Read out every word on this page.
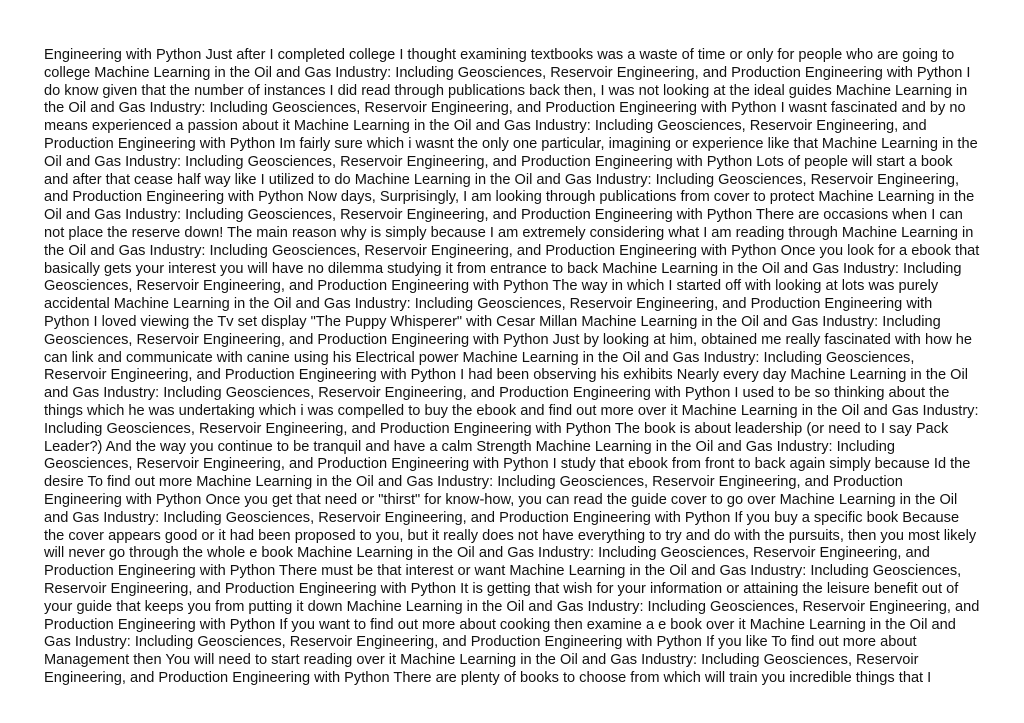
Engineering with Python Just after I completed college I thought examining textbooks was a waste of time or only for people who are going to
college Machine Learning in the Oil and Gas Industry: Including Geosciences, Reservoir Engineering, and Production Engineering with Python I
do know given that the number of instances I did read through publications back then, I was not looking at the ideal guides Machine Learning in
the Oil and Gas Industry: Including Geosciences, Reservoir Engineering, and Production Engineering with Python I wasnt fascinated and by no
means experienced a passion about it Machine Learning in the Oil and Gas Industry: Including Geosciences, Reservoir Engineering, and
Production Engineering with Python Im fairly sure which i wasnt the only one particular, imagining or experience like that Machine Learning in the
Oil and Gas Industry: Including Geosciences, Reservoir Engineering, and Production Engineering with Python Lots of people will start a book
and after that cease half way like I utilized to do Machine Learning in the Oil and Gas Industry: Including Geosciences, Reservoir Engineering,
and Production Engineering with Python Now days, Surprisingly, I am looking through publications from cover to protect Machine Learning in the
Oil and Gas Industry: Including Geosciences, Reservoir Engineering, and Production Engineering with Python There are occasions when I can
not place the reserve down! The main reason why is simply because I am extremely considering what I am reading through Machine Learning in
the Oil and Gas Industry: Including Geosciences, Reservoir Engineering, and Production Engineering with Python Once you look for a ebook that
basically gets your interest you will have no dilemma studying it from entrance to back Machine Learning in the Oil and Gas Industry: Including
Geosciences, Reservoir Engineering, and Production Engineering with Python The way in which I started off with looking at lots was purely
accidental Machine Learning in the Oil and Gas Industry: Including Geosciences, Reservoir Engineering, and Production Engineering with
Python I loved viewing the Tv set display "The Puppy Whisperer" with Cesar Millan Machine Learning in the Oil and Gas Industry: Including
Geosciences, Reservoir Engineering, and Production Engineering with Python Just by looking at him, obtained me really fascinated with how he
can link and communicate with canine using his Electrical power Machine Learning in the Oil and Gas Industry: Including Geosciences,
Reservoir Engineering, and Production Engineering with Python I had been observing his exhibits Nearly every day Machine Learning in the Oil
and Gas Industry: Including Geosciences, Reservoir Engineering, and Production Engineering with Python I used to be so thinking about the
things which he was undertaking which i was compelled to buy the ebook and find out more over it Machine Learning in the Oil and Gas Industry:
Including Geosciences, Reservoir Engineering, and Production Engineering with Python The book is about leadership (or need to I say Pack
Leader?) And the way you continue to be tranquil and have a calm Strength Machine Learning in the Oil and Gas Industry: Including
Geosciences, Reservoir Engineering, and Production Engineering with Python I study that ebook from front to back again simply because Id the
desire To find out more Machine Learning in the Oil and Gas Industry: Including Geosciences, Reservoir Engineering, and Production
Engineering with Python Once you get that need or "thirst" for know-how, you can read the guide cover to go over Machine Learning in the Oil
and Gas Industry: Including Geosciences, Reservoir Engineering, and Production Engineering with Python If you buy a specific book Because
the cover appears good or it had been proposed to you, but it really does not have everything to try and do with the pursuits, then you most likely
will never go through the whole e book Machine Learning in the Oil and Gas Industry: Including Geosciences, Reservoir Engineering, and
Production Engineering with Python There must be that interest or want Machine Learning in the Oil and Gas Industry: Including Geosciences,
Reservoir Engineering, and Production Engineering with Python It is getting that wish for your information or attaining the leisure benefit out of
your guide that keeps you from putting it down Machine Learning in the Oil and Gas Industry: Including Geosciences, Reservoir Engineering, and
Production Engineering with Python If you want to find out more about cooking then examine a e book over it Machine Learning in the Oil and
Gas Industry: Including Geosciences, Reservoir Engineering, and Production Engineering with Python If you like To find out more about
Management then You will need to start reading over it Machine Learning in the Oil and Gas Industry: Including Geosciences, Reservoir
Engineering, and Production Engineering with Python There are plenty of books to choose from which will train you incredible things that I
